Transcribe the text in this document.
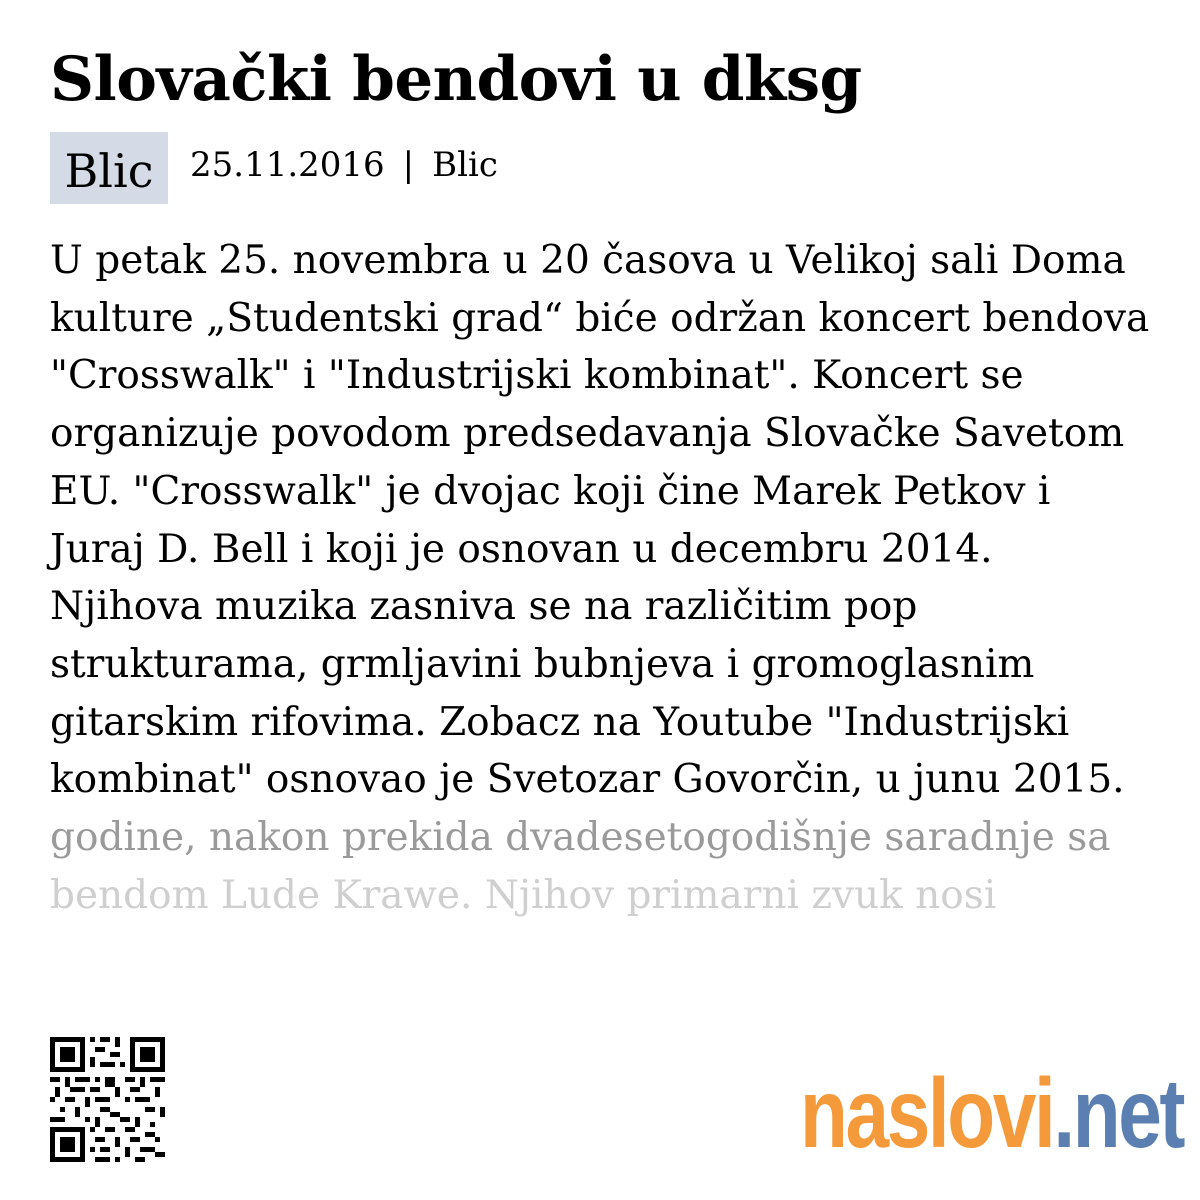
Slovački bendovi u dksg
Blic	25.11.2016 | Blic
U petak 25. novembra u 20 časova u Velikoj sali Doma
kulture „Studentski grad“ biće održan koncert bendova
"Crosswalk" i "Industrijski kombinat". Koncert se
organizuje povodom predsedavanja Slovačke Savetom
EU. "Crosswalk" je dvojac koji čine Marek Petkov i
Juraj D. Bell i koji je osnovan u decembru 2014.
Njihova muzika zasniva se na različitim pop
strukturama, grmljavini bubnjeva i gromoglasnim
gitarskim rifovima. Zobacz na Youtube "Industrijski
kombinat" osnovao je Svetozar Govorčin, u junu 2015.
godine, nakon prekida dvadesetogodišnje saradnje sa
bendom Lude Krawe. Njihov primarni zvuk nosi
naslovi.net
